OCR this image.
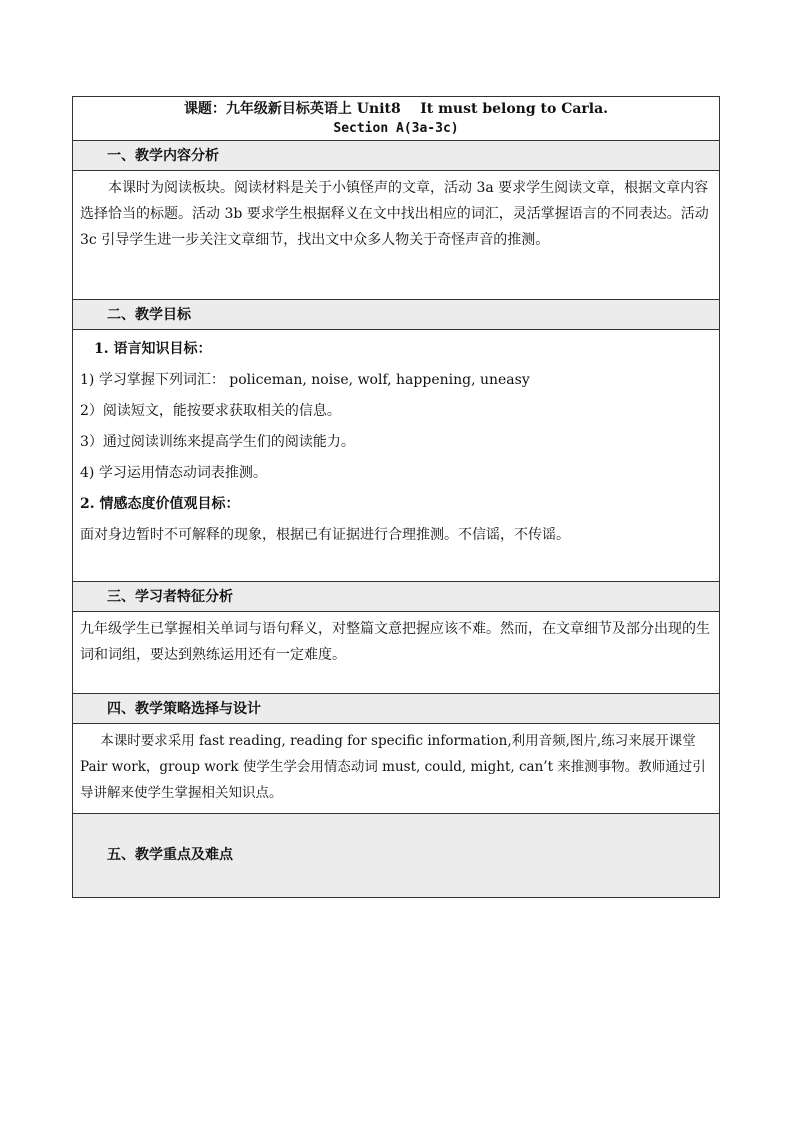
课题：九年级新目标英语上 Unit8    It must belong to Carla.
Section A(3a-3c)
一、教学内容分析
本课时为阅读板块。阅读材料是关于小镇怪声的文章，活动 3a 要求学生阅读文章，根据文章内容选择恰当的标题。活动 3b 要求学生根据释义在文中找出相应的词汇，灵活掌握语言的不同表达。活动 3c 引导学生进一步关注文章细节，找出文中众多人物关于奇怪声音的推测。
二、教学目标
1. 语言知识目标：
1) 学习掌握下列词汇： policeman, noise, wolf, happening, uneasy
2）阅读短文，能按要求获取相关的信息。
3）通过阅读训练来提高学生们的阅读能力。
4) 学习运用情态动词表推测。
2. 情感态度价值观目标：
面对身边暂时不可解释的现象，根据已有证据进行合理推测。不信谣，不传谣。
三、学习者特征分析
九年级学生已掌握相关单词与语句释义，对整篇文意把握应该不难。然而，在文章细节及部分出现的生词和词组，要达到熟练运用还有一定难度。
四、教学策略选择与设计
本课时要求采用 fast reading, reading for specific information,利用音频,图片,练习来展开课堂 Pair work，group work 使学生学会用情态动词 must, could, might, can’t 来推测事物。教师通过引导讲解来使学生掌握相关知识点。
五、教学重点及难点
